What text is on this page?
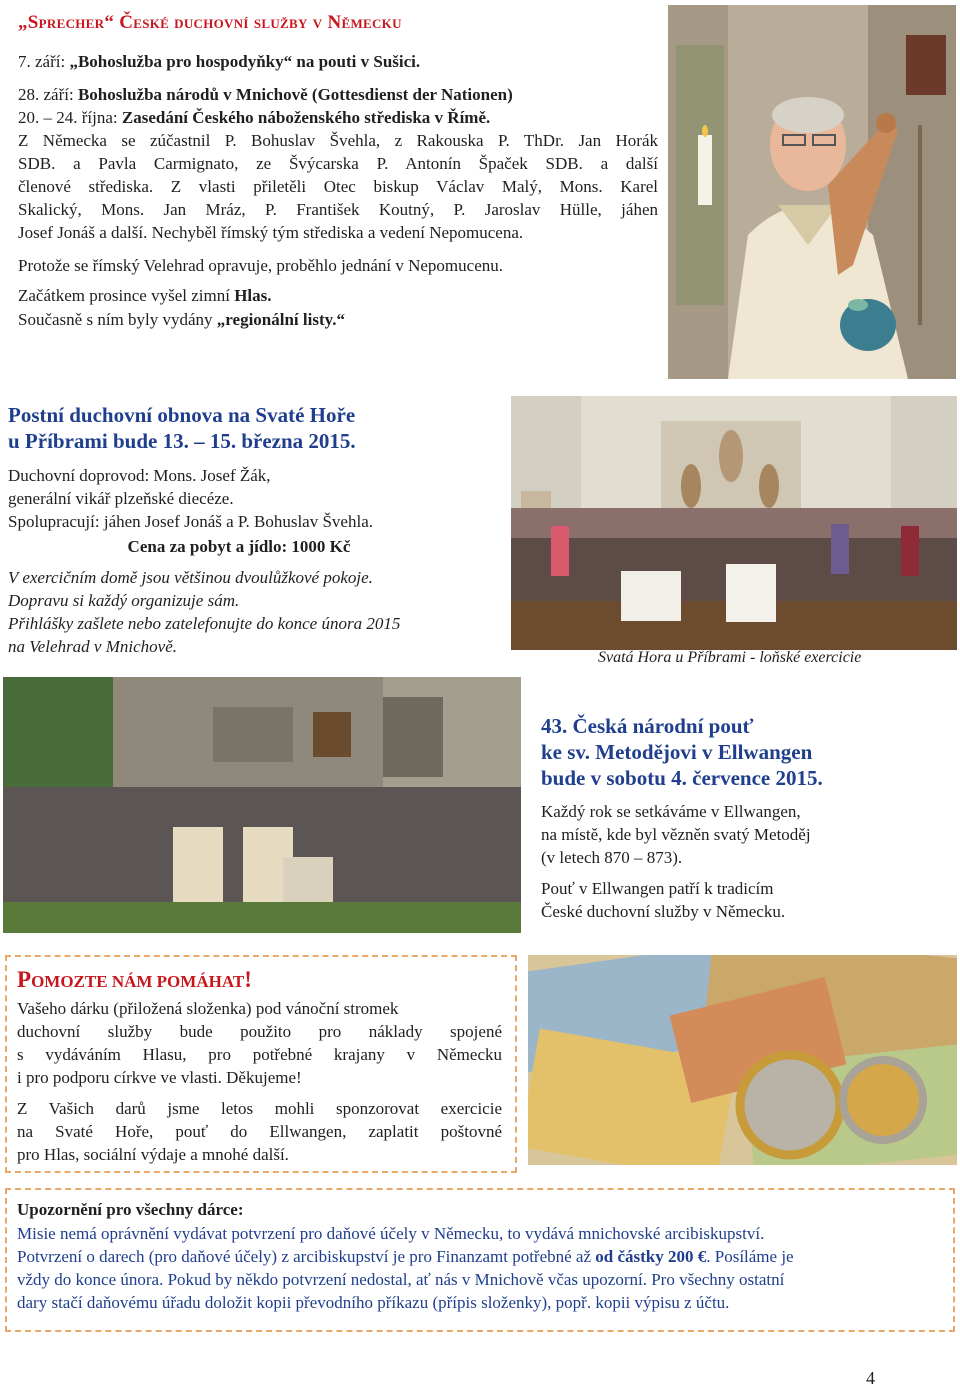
„Sprecher“ České duchovní služby v Německu
7. září: „Bohoslužba pro hospodyňky“ na pouti v Sušici.
28. září: Bohoslužba národů v Mnichově (Gottesdienst der Nationen)
20. – 24. října: Zasedání Českého náboženského střediska v Římě.
Z Německa se zúčastnil P. Bohuslav Švehla, z Rakouska P. ThDr. Jan Horák
SDB. a Pavla Carmignato, ze Švýcarska P. Antonín Špaček SDB. a další
členové střediska. Z vlasti přiletěli Otec biskup Václav Malý, Mons. Karel
Skalický, Mons. Jan Mráz, P. František Koutný, P. Jaroslav Hülle, jáhen
Josef Jonáš a další. Nechyběl římský tým střediska a vedení Nepomucena.
Protože se římský Velehrad opravuje, proběhlo jednání v Nepomucenu.
Začátkem prosince vyšel zimní Hlas.
Současně s ním byly vydány „regionální listy.“
Postní duchovní obnova na Svaté Hoře
u Příbrami bude 13. – 15. března 2015.
Duchovní doprovod: Mons. Josef Žák,
generální vikář plzeňské diecéze.
Spolupracují: jáhen Josef Jonáš a P. Bohuslav Švehla.
Cena za pobyt a jídlo: 1000 Kč
V exercičním domě jsou většinou dvoulůžkové pokoje.
Dopravu si každý organizuje sám.
Přihlášky zašlete nebo zatelefonujte do konce února 2015
na Velehrad v Mnichově.
Svatá Hora u Příbrami - loňské exercicie
43. Česká národní pouť
ke sv. Metodějovi v Ellwangen
bude v sobotu 4. července 2015.
Každý rok se setkáváme v Ellwangen,
na místě, kde byl vězněn svatý Metoděj
(v letech 870 – 873).
Pouť v Ellwangen patří k tradicím
České duchovní služby v Německu.
POMOZTE NÁM POMÁHAT!
Vašeho dárku (přiložená složenka) pod vánoční stromek
duchovní služby bude použito pro náklady spojené
s vydáváním Hlasu, pro potřebné krajany v Německu
i pro podporu církve ve vlasti. Děkujeme!
Z Vašich darů jsme letos mohli sponzorovat exercicie
na Svaté Hoře, pouť do Ellwangen, zaplatit poštovné
pro Hlas, sociální výdaje a mnohé další.
Upozornění pro všechny dárce:
Misie nemá oprávnění vydávat potvrzení pro daňové účely v Německu, to vydává mnichovské arcibiskupství.
Potvrzení o darech (pro daňové účely) z arcibiskupství je pro Finanzamt potřebné až od částky 200 €. Posíláme je
vždy do konce února. Pokud by někdo potvrzení nedostal, ať nás v Mnichově včas upozorní. Pro všechny ostatní
dary stačí daňovému úřadu doložit kopii převodního příkazu (přípis složenky), popř. kopii výpisu z účtu.
4
